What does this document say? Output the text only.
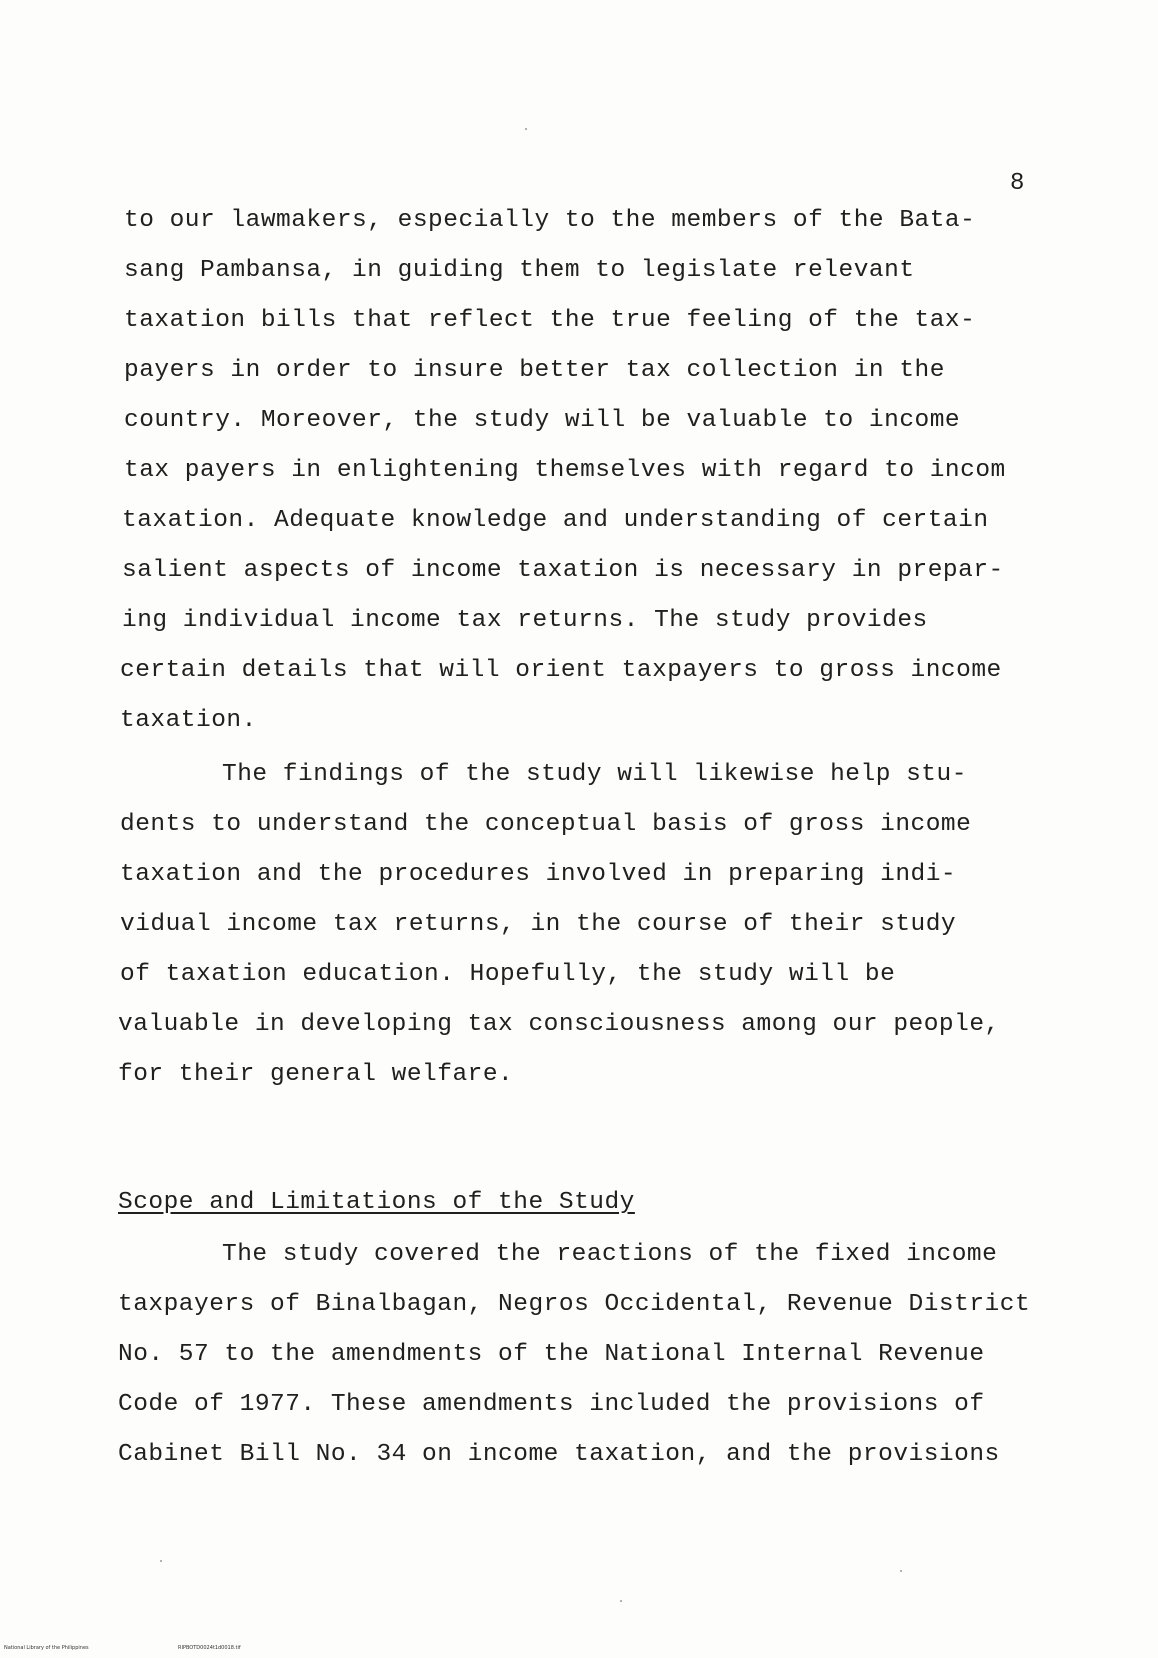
8
to our lawmakers, especially to the members of the Bata-
sang Pambansa, in guiding them to legislate relevant
taxation bills that reflect the true feeling of the tax-
payers in order to insure better tax collection in the
country. Moreover, the study will be valuable to income
tax payers in enlightening themselves with regard to incom
taxation. Adequate knowledge and understanding of certain
salient aspects of income taxation is necessary in prepar-
ing individual income tax returns. The study provides
certain details that will orient taxpayers to gross income
taxation.
The findings of the study will likewise help stu-
dents to understand the conceptual basis of gross income
taxation and the procedures involved in preparing indi-
vidual income tax returns, in the course of their study
of taxation education. Hopefully, the study will be
valuable in developing tax consciousness among our people,
for their general welfare.
Scope and Limitations of the Study
The study covered the reactions of the fixed income
taxpayers of Binalbagan, Negros Occidental, Revenue District
No. 57 to the amendments of the National Internal Revenue
Code of 1977. These amendments included the provisions of
Cabinet Bill No. 34 on income taxation, and the provisions
National Library of the Philippines	RIPBOTD0024t1d0018.tif
